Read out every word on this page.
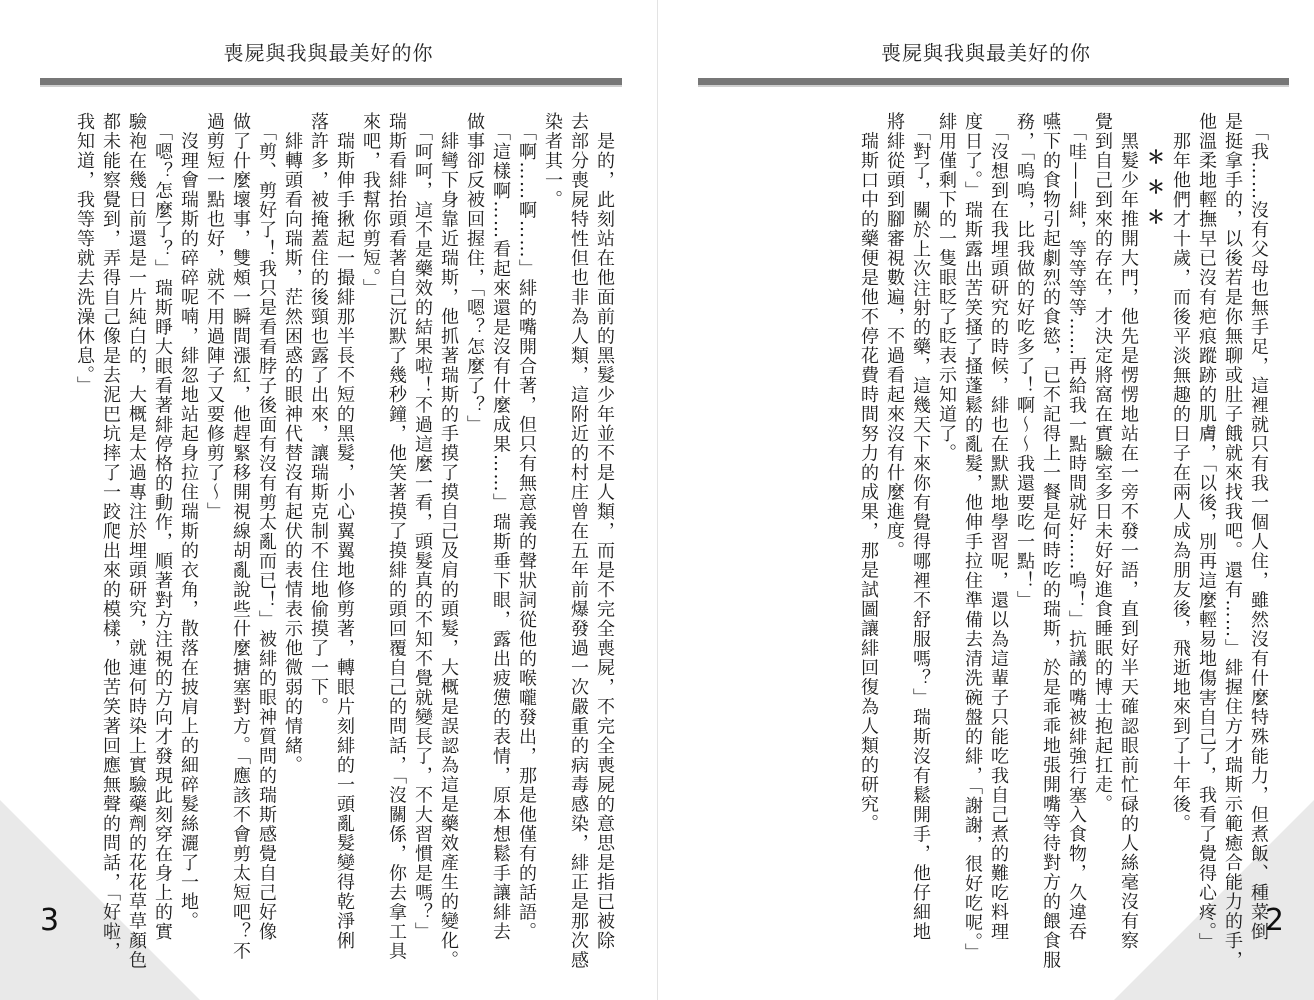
喪屍與我與最美好的你

　是的，此刻站在他面前的黑髮少年並不是人類，而是不完全喪屍，不完全喪屍的意思是指已被除

去部分喪屍特性但也非為人類，這附近的村庄曾在五年前爆發過一次嚴重的病毒感染，緋正是那次感

染者其一。

　「啊……啊……」緋的嘴開合著，但只有無意義的聲狀詞從他的喉嚨發出，那是他僅有的話語。

　「這樣啊……看起來還是沒有什麼成果……」瑞斯垂下眼，露出疲憊的表情，原本想鬆手讓緋去

做事卻反被回握住，「嗯？怎麼了？」

　緋彎下身靠近瑞斯，他抓著瑞斯的手摸了摸自己及肩的頭髮，大概是誤認為這是藥效產生的變化。

　「呵呵，這不是藥效的結果啦！不過這麼一看，頭髮真的不知不覺就變長了，不大習慣是嗎？」

瑞斯看緋抬頭看著自己沉默了幾秒鐘，他笑著摸了摸緋的頭回覆自己的問話，「沒關係，你去拿工具

來吧，我幫你剪短。」

　瑞斯伸手揪起一撮緋那半長不短的黑髮，小心翼翼地修剪著，轉眼片刻緋的一頭亂髮變得乾淨俐

落許多，被掩蓋住的後頸也露了出來，讓瑞斯克制不住地偷摸了一下。

　緋轉頭看向瑞斯，茫然困惑的眼神代替沒有起伏的表情表示他微弱的情緒。

　「剪、剪好了！我只是看看脖子後面有沒有剪太亂而已！」被緋的眼神質問的瑞斯感覺自己好像

做了什麼壞事，雙頰一瞬間漲紅，他趕緊移開視線胡亂說些什麼搪塞對方。「應該不會剪太短吧？不

過剪短一點也好，就不用過陣子又要修剪了～」

　沒理會瑞斯的碎碎呢喃，緋忽地站起身拉住瑞斯的衣角，散落在披肩上的細碎髮絲灑了一地。

　「嗯？怎麼了？」瑞斯睜大眼看著緋停格的動作，順著對方注視的方向才發現此刻穿在身上的實

驗袍在幾日前還是一片純白的，大概是太過專注於埋頭研究，就連何時染上實驗藥劑的花花草草顏色

都未能察覺到，弄得自己像是去泥巴坑摔了一跤爬出來的模樣，他苦笑著回應無聲的問話，「好啦，

我知道，我等等就去洗澡休息。」

3
喪屍與我與最美好的你

　「我……沒有父母也無手足，這裡就只有我一個人住，雖然沒有什麼特殊能力，但煮飯、種菜倒

是挺拿手的，以後若是你無聊或肚子餓就來找我吧。還有……」緋握住方才瑞斯示範癒合能力的手，

他溫柔地輕撫早已沒有疤痕蹤跡的肌膚，「以後，別再這麼輕易地傷害自己了，我看了覺得心疼。」

　那年他們才十歲，而後平淡無趣的日子在兩人成為朋友後，飛逝地來到了十年後。

＊＊＊

　黑髮少年推開大門，他先是愣愣地站在一旁不發一語，直到好半天確認眼前忙碌的人絲毫沒有察

覺到自己到來的存在，才決定將窩在實驗室多日未好好進食睡眠的博士抱起扛走。

　「哇——緋，等等等等……再給我一點時間就好……嗚！」抗議的嘴被緋強行塞入食物，久違吞

嚥下的食物引起劇烈的食慾，已不記得上一餐是何時吃的瑞斯，於是乖乖地張開嘴等待對方的餵食服

務，「嗚嗚，比我做的好吃多了！啊～～我還要吃一點！」

　「沒想到在我埋頭研究的時候，緋也在默默地學習呢，還以為這輩子只能吃我自己煮的難吃料理

度日了。」瑞斯露出苦笑搔了搔蓬鬆的亂髮，他伸手拉住準備去清洗碗盤的緋，「謝謝，很好吃呢。」

緋用僅剩下的一隻眼眨了眨表示知道了。

　「對了，關於上次注射的藥，這幾天下來你有覺得哪裡不舒服嗎？」瑞斯沒有鬆開手，他仔細地

將緋從頭到腳審視數遍，不過看起來沒有什麼進度。

　瑞斯口中的藥便是他不停花費時間努力的成果，那是試圖讓緋回復為人類的研究。

2
